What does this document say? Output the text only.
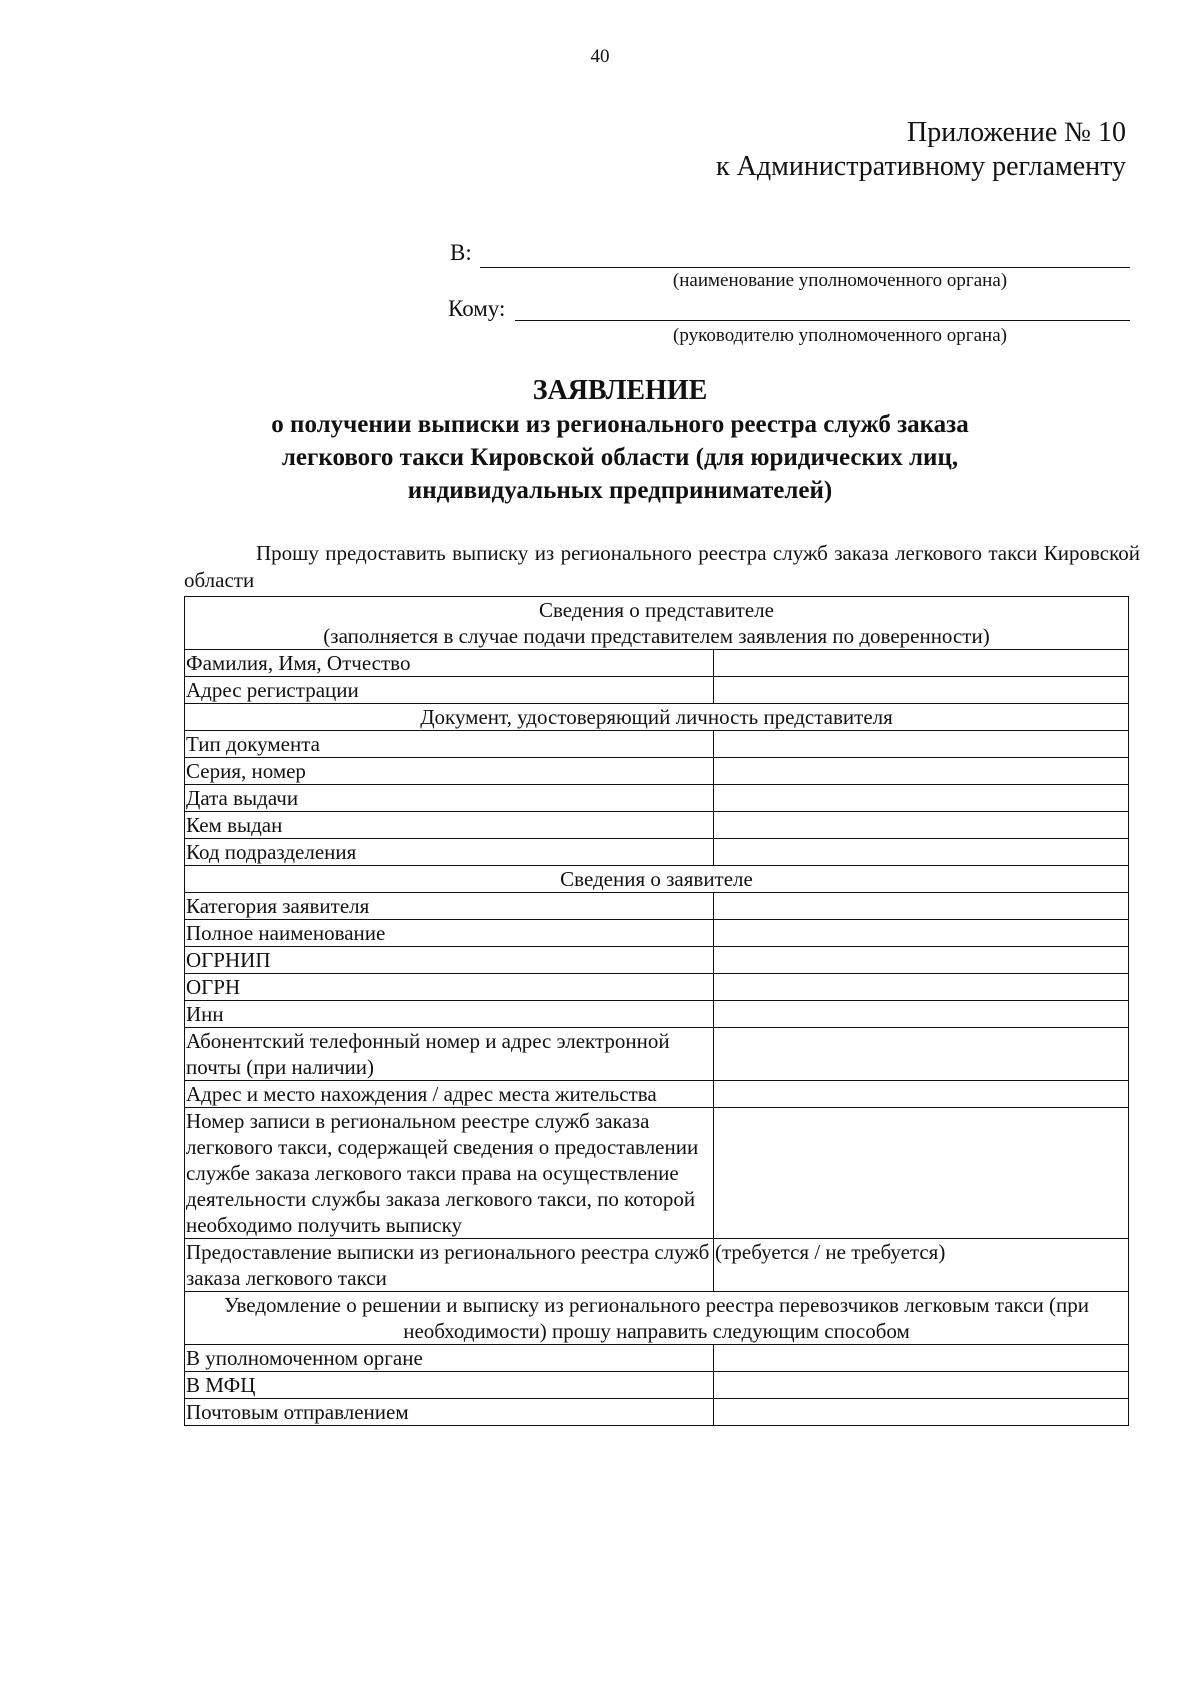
40
Приложение № 10
к Административному регламенту
В:
(наименование уполномоченного органа)
Кому:
(руководителю уполномоченного органа)
ЗАЯВЛЕНИЕ
о получении выписки из регионального реестра служб заказа
легкового такси Кировской области (для юридических лиц,
индивидуальных предпринимателей)
Прошу предоставить выписку из регионального реестра служб заказа легкового такси Кировской области
Сведения о представителе
(заполняется в случае подачи представителем заявления по доверенности)	

Фамилия, Имя, Отчество	
Адрес регистрации	
Документ, удостоверяющий личность представителя	
Тип документа	
Серия, номер	
Дата выдачи	
Кем выдан	
Код подразделения	
Сведения о заявителе	
Категория заявителя	
Полное наименование	
ОГРНИП	
ОГРН	
Инн	
Абонентский телефонный номер и адрес электронной почты (при наличии)	
Адрес и место нахождения / адрес места жительства	
Номер записи в региональном реестре служб заказа легкового такси, содержащей сведения о предоставлении службе заказа легкового такси права на осуществление деятельности службы заказа легкового такси, по которой необходимо получить выписку	
Предоставление выписки из регионального реестра служб заказа легкового такси	(требуется / не требуется)
Уведомление о решении и выписку из регионального реестра перевозчиков легковым такси (при необходимости) прошу направить следующим способом	
В уполномоченном органе	
В МФЦ	
Почтовым отправлением	
